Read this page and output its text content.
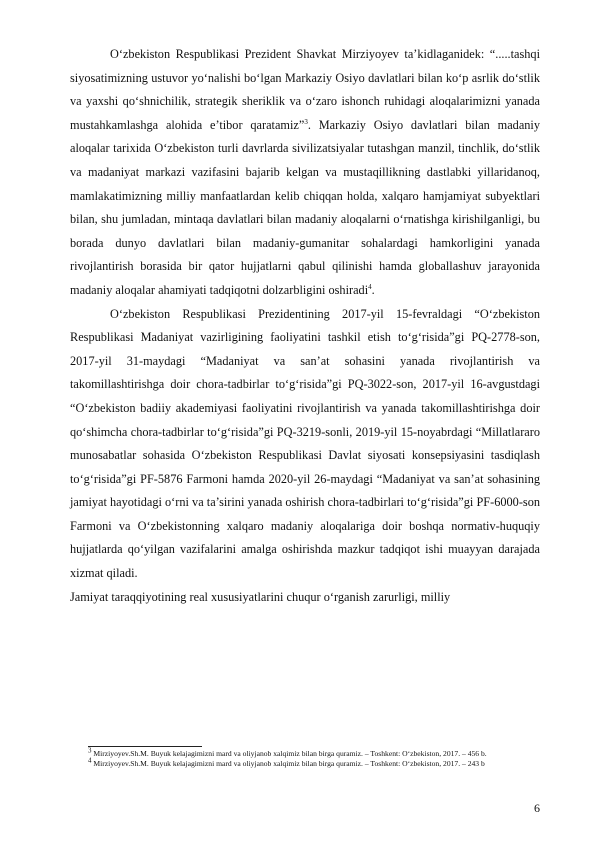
O‘zbekiston Respublikasi Prezident Shavkat Mirziyoyev ta’kidlaganidek: “.....tashqi siyosatimizning ustuvor yo‘nalishi bo‘lgan Markaziy Osiyo davlatlari bilan ko‘p asrlik do‘stlik va yaxshi qo‘shnichilik, strategik sheriklik va o‘zaro ishonch ruhidagi aloqalarimizni yanada mustahkamlashga alohida e’tibor qaratamiz”$^3$. Markaziy Osiyo davlatlari bilan madaniy aloqalar tarixida O‘zbekiston turli davrlarda sivilizatsiyalar tutashgan manzil, tinchlik, do‘stlik va madaniyat markazi vazifasini bajarib kelgan va mustaqillikning dastlabki yillaridanoq, mamlakatimizning milliy manfaatlardan kelib chiqqan holda, xalqaro hamjamiyat subyektlari bilan, shu jumladan, mintaqa davlatlari bilan madaniy aloqalarni o‘rnatishga kirishilganligi, bu borada dunyo davlatlari bilan madaniy-gumanitar sohalardagi hamkorligini yanada rivojlantirish borasida bir qator hujjatlarni qabul qilinishi hamda globallashuv jarayonida madaniy aloqalar ahamiyati tadqiqotni dolzarbligini oshiradi$^4$.

O‘zbekiston Respublikasi Prezidentining 2017-yil 15-fevraldagi “O‘zbekiston Respublikasi Madaniyat vazirligining faoliyatini tashkil etish to‘g‘risida”gi PQ-2778-son, 2017-yil 31-maydagi “Madaniyat va san’at sohasini yanada rivojlantirish va takomillashtirishga doir chora-tadbirlar to‘g‘risida”gi PQ-3022-son, 2017-yil 16-avgustdagi “O‘zbekiston badiiy akademiyasi faoliyatini rivojlantirish va yanada takomillashtirishga doir qo‘shimcha chora-tadbirlar to‘g‘risida”gi PQ-3219-sonli, 2019-yil 15-noyabrdagi “Millatlararo munosabatlar sohasida O‘zbekiston Respublikasi Davlat siyosati konsepsiyasini tasdiqlash to‘g‘risida”gi PF-5876 Farmoni hamda 2020-yil 26-maydagi “Madaniyat va san’at sohasining jamiyat hayotidagi o‘rni va ta’sirini yanada oshirish chora-tadbirlari to‘g‘risida”gi PF-6000-son Farmoni va O‘zbekistonning xalqaro madaniy aloqalariga doir boshqa normativ-huquqiy hujjatlarda qo‘yilgan vazifalarini amalga oshirishda mazkur tadqiqot ishi muayyan darajada xizmat qiladi.

Jamiyat taraqqiyotining real xususiyatlarini chuqur o‘rganish zarurligi, milliy

$^3$ Mirziyoyev.Sh.M. Buyuk kelajagimizni mard va oliyjanob xalqimiz bilan birga quramiz. – Toshkent: O‘zbekiston, 2017. – 456 b.

$^4$ Mirziyoyev.Sh.M. Buyuk kelajagimizni mard va oliyjanob xalqimiz bilan birga quramiz. – Toshkent: O‘zbekiston, 2017. – 243 b

6
